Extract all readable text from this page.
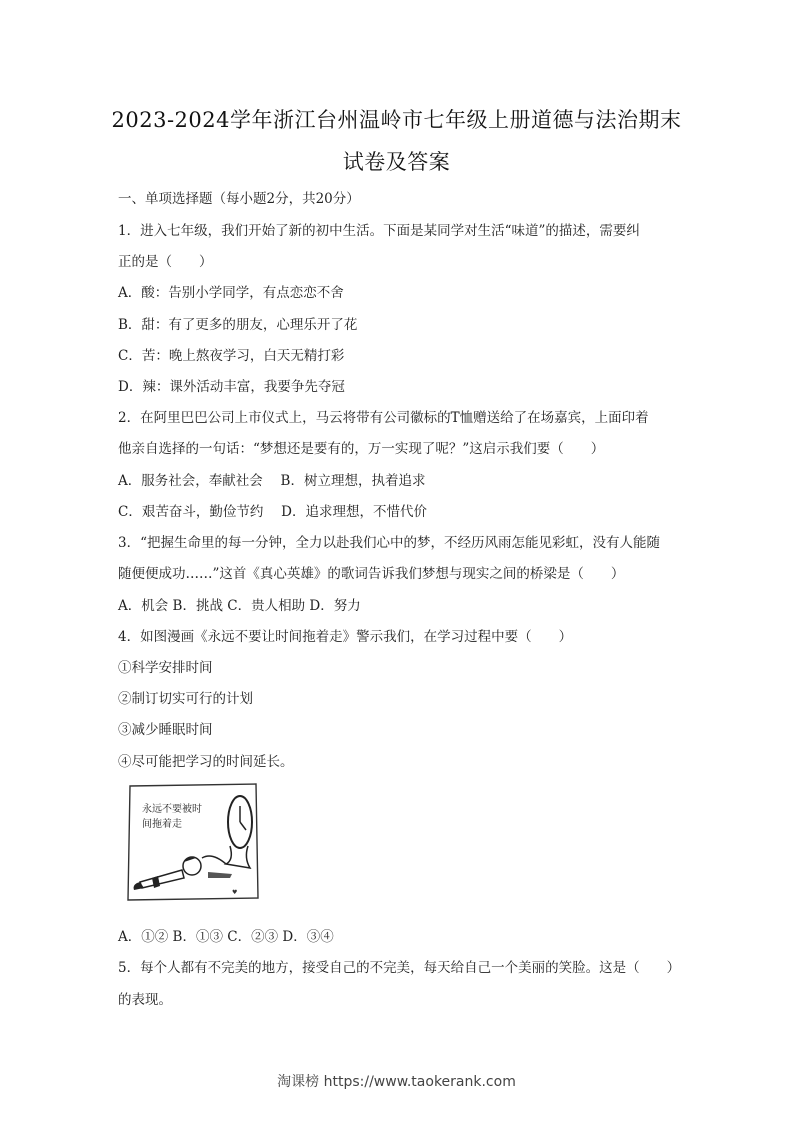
2023-2024学年浙江台州温岭市七年级上册道德与法治期末
试卷及答案
一、单项选择题（每小题2分，共20分）
1．进入七年级，我们开始了新的初中生活。下面是某同学对生活“味道”的描述，需要纠
正的是（　　）
A．酸：告别小学同学，有点恋恋不舍
B．甜：有了更多的朋友，心理乐开了花
C．苦：晚上熬夜学习，白天无精打彩
D．辣：课外活动丰富，我要争先夺冠
2．在阿里巴巴公司上市仪式上，马云将带有公司徽标的T恤赠送给了在场嘉宾，上面印着
他亲自选择的一句话：“梦想还是要有的，万一实现了呢？”这启示我们要（　　）
A．服务社会，奉献社会　 B．树立理想，执着追求
C．艰苦奋斗，勤俭节约　 D．追求理想，不惜代价
3．“把握生命里的每一分钟，全力以赴我们心中的梦，不经历风雨怎能见彩虹，没有人能随
随便便成功……”这首《真心英雄》的歌词告诉我们梦想与现实之间的桥梁是（　　）
A．机会 B．挑战 C．贵人相助 D．努力
4．如图漫画《永远不要让时间拖着走》警示我们，在学习过程中要（　　）
①科学安排时间
②制订切实可行的计划
③减少睡眠时间
④尽可能把学习的时间延长。
永远不要被时
间拖着走
♥
A．①② B．①③ C．②③ D．③④
5．每个人都有不完美的地方，接受自己的不完美，每天给自己一个美丽的笑脸。这是（　　）
的表现。
淘课榜 https://www.taokerank.com
